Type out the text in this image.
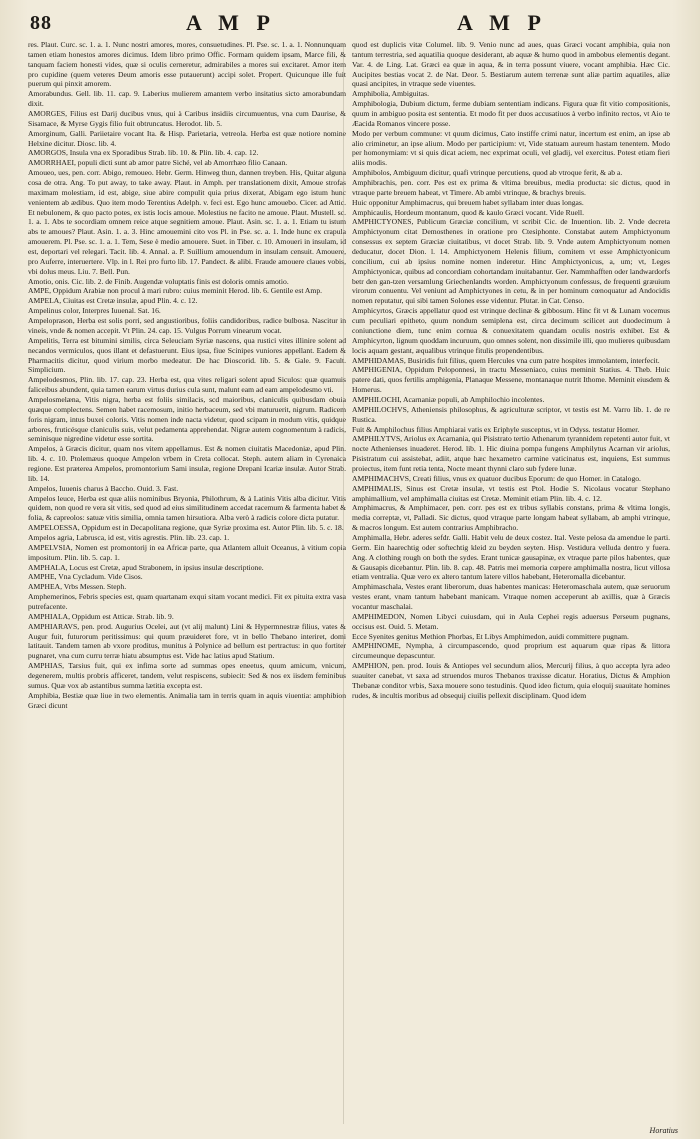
88	A M P	A M P

res. Plaut. Curc. sc. 1. a. 1. Nunc nostri amores, mores, consuetudines. Pl. Pse. sc. 1. a. 1. Nonnunquam tamen etiam honestos amores dicimus. Idem libro primo Offic. Formam quidem ipsam, Marce fili, & tanquam faciem honesti vides, quæ si oculis cerneretur, admirabiles a mores sui excitaret. Amor item pro cupidine (quem veteres Deum amoris esse putauerunt) accipi solet. Propert. Quicunque ille fuit puerum qui pinxit amorem.

Amorabundus. Gell. lib. 11. cap. 9. Laberius mulierem amantem verbo insitatius sicto amorabundam dixit.

AMORGES, Filius est Darij ducibus vnus, qui à Caribus insidiis circumuentus, vna cum Daurise, & Sisamace, & Myrse Gygis filio fuit obtruncatus. Herodot. lib. 5.

Amorginum, Galli. Pariietaire vocant Ita. & Hisp. Parietaria, vetreola. Herba est quæ notiore nomine Helxine dicitur. Diosc. lib. 4.

AMORGOS, Insula vna ex Sporadibus Strab. lib. 10. & Plin. lib. 4. cap. 12.

AMORRHAEI, populi dicti sunt ab amor patre Siché, vel ab Amorrhæo filio Canaan.

Amoueo, ues, pen. corr. Abigo, remoueo. Hebr. Germ. Hinweg thun, dannen treyben. His, Quitar alguna cosa de otra. Ang. To put away, to take away. Plaut. in Amph. per translationem dixit, Amoue strofas maximam molestiam, id est, abige, siue abire compulit quia prius dixerat, Abigam ego istum hunc venientem ab ædibus. Quo item modo Terentius Adelph. v. feci est. Ego hunc amouebo. Cicer. ad Attic. Et nebulonem, & quo pacto potes, ex istis locis amoue. Molestius ne facito ne amoue. Plaut. Mustell. sc. 1. a. 1. Abs te socordiam omnem reice atque segnitiem amoue. Plaut. Asin. sc. 1. a. 1. Etiam tu istum abs te amoues? Plaut. Asin. 1. a. 3. Hinc amouemini cito vos Pl. in Pse. sc. a. 1. Inde hunc ex crapula amouerem. Pl. Pse. sc. 1. a. 1. Tem, Sese è medio amouere. Suet. in Tiber. c. 10. Amoueri in insulam, id est, deportari vel relegari. Tacit. lib. 4. Annal. a. P. Suillium amouendum in insulam censuit. Amouere, pro Auferre, interuertere. Vlp. in l. Rei pro furto lib. 17. Pandect. & alibi. Fraude amouere claues vobis, vbi dolus meus. Liu. 7. Bell. Pun.

Amotio, onis. Cic. lib. 2. de Finib. Augendæ voluptatis finis est doloris omnis amotio.

AMPE, Oppidum Arabiæ non procul à mari rubro: cuius meminit Herod. lib. 6. Gentile est Amp.

AMPELA, Ciuitas est Cretæ insulæ, apud Plin. 4. c. 12.

Ampelinus color, Interpres Iuuenal. Sat. 16.

Ampeloprason, Herba est solis porri, sed angustioribus, foliis candidoribus, radice bulbosa. Nascitur in vineis, vnde & nomen accepit. Vt Plin. 24. cap. 15. Vulgus Porrum vinearum vocat.

Ampelitis, Terra est bitumini similis, circa Seleuciam Syriæ nascens, qua rustici vites illinire solent ad necandos vermiculos, quos illant et defastuerunt. Eius ipsa, fiue Scinipes vuniores appellant. Eadem & Pharmacitis dicitur, quod virium morbo medeatur. De hac Dioscorid. lib. 5. & Gale. 9. Facult. Simplicium.

Ampelodesmos, Plin. lib. 17. cap. 23. Herba est, qua vites religari solent apud Siculos: quæ quamuis faliceibus abundent, quia tamen earum virtus durius cula sunt, malunt eam ad eam ampelodesmo vti.

Ampelosmelæna, Vitis nigra, herba est foliis similacis, scd maioribus, claniculis quibusdam obuia quæque complectens. Semen habet racemosum, initio herbaceum, sed vbi maturuerit, nigrum. Radicem foris nigram, intus buxei coloris. Vitis nomen inde nacta videtur, quod scipam in modum vitis, quidque arbores, fruticésque claniculis suis, velut pedamenta apprehendat. Nigræ autem cognomentum à radicis, seminisque nigredine videtur esse sortita.

Ampelos, à Græcis dicitur, quam nos vitem appellamus. Est & nomen ciuitatis Macedoniæ, apud Plin. lib. 4. c. 10. Ptolemæus quoque Ampelon vrbem in Creta collocat. Steph. autem aliam in Cyrenaica regione. Est præterea Ampelos, promontorium Sami insulæ, regione Drepani Icariæ insulæ. Autor Strab. lib. 14.

Ampelos, Iuuenis charus à Baccho. Ouid. 3. Fast.

Ampelos leuce, Herba est quæ aliis nominibus Bryonia, Philothrum, & à Latinis Vitis alba dicitur. Vitis quidem, non quod re vera sit vitis, sed quod ad eius similitudinem accedat racemum & farmenta habet & folia, & capreolos: satuæ vitis similia, omnia tamen hirsutiora. Alba verò à radicis colore dicta putatur.

AMPELOESSA, Oppidum est in Decapolitana regione, quæ Syriæ proxima est. Autor Plin. lib. 5. c. 18.

Ampelos agria, Labrusca, id est, vitis agrestis. Plin. lib. 23. cap. 1.

AMPELVSIA, Nomen est promontorij in ea Africæ parte, qua Atlantem alluit Oceanus, à vitium copia impositum. Plin. lib. 5. cap. 1.

AMPHALA, Locus est Cretæ, apud Strabonem, in ipsius insulæ descriptione.

AMPHE, Vna Cycladum. Vide Cisos.

AMPHEA, Vrbs Messen. Steph.

Amphemerinos, Febris species est, quam quartanam exqui sitam vocant medici. Fit ex pituita extra vasa putrefacente.

AMPHIALA, Oppidum est Atticæ. Strab. lib. 9.

AMPHIARAVS, pen. prod. Augurius Ocelei, aut (vt alij malunt) Lini & Hypermnestræ filius, vates & Augur fuit, futurorum peritissimus: qui quum præuideret fore, vt in bello Thebano interiret, domi latitauit. Tandem tamen ab vxore proditus, munitus à Polynice ad bellum est pertractus: in quo fortiter pugnaret, vna cum curru terræ hiatu absumptus est. Vide hac latius apud Statium.

AMPHIAS, Tarsius fuit, qui ex infima sorte ad summas opes eneetus, quum amicum, vnicum, degenerem, multis probris afficeret, tandem, velut respiscens, subiecit: Sed & nos ex iisdem feminibus sumus. Quæ vox ab astantibus summa lætitia excepta est.

Amphibia, Bestiæ quæ liue in two elementis. Animalia tam in terris quam in aquis viuentia: amphibion Græci dicunt

quod est duplicis vitæ Columel. lib. 9. Venio nunc ad aues, quas Græci vocant amphibia, quia non tantum terrestria, sed aquatilia quoque desiderant, ab aquæ & humo quod in ambobus elementis degant. Var. 4. de Ling. Lat. Græci ea quæ in aqua, & in terra possunt viuere, vocant amphibia. Hæc Cic. Aucipites bestias vocat 2. de Nat. Deor. 5. Bestiarum autem terrenæ sunt aliæ partim aquatiles, aliæ quasi ancipites, in vtraque sede viuentes.

Amphibolia, Ambiguitas.

Amphibologia, Dubium dictum, ferme dubiam sententiam indicans. Figura quæ fit vitio compositionis, quum in ambiguo posita est sententia. Et modo fit per duos accusatiuos à verbo infinito rectos, vt Aio te Æacida Romanos vincere posse.

Modo per verbum commune: vt quum dicimus, Cato instiffe crimi natur, incertum est enim, an ipse ab alio criminetur, an ipse alium. Modo per participium: vt, Vide statuam aureum hastam tenentem. Modo per homonymiam: vt si quis dicat aciem, nec exprimat oculi, vel gladij, vel exercitus. Potest etiam fieri aliis modis.

Amphibolos, Ambiguum dicitur, quafi vtrinque percutiens, quod ab vtroque ferit, & ab a.

Amphibrachis, pen. corr. Pes est ex prima & vltima breuibus, media producta: sic dictus, quod in vtraque parte breuem habeat, vt Timere. Ab ambi vtrinque, & brachys breuis.

Huic opponitur Amphimacrus, qui breuem habet syllabam inter duas longas.

Amphicaulis, Hordeum montanum, quod & kaulo Græci vocant. Vide Ruell.

AMPHICTYONES, Publicum Græciæ concilium, vt scribit Cic. de Inuention. lib. 2. Vnde decreta Amphictyonum citat Demosthenes in oratione pro Ctesiphonte. Constabat autem Amphictyonum consessus ex septem Græciæ ciuitatibus, vt docet Strab. lib. 9. Vnde autem Amphictyonum nomen deducatur, docet Dion. l. 14. Amphictyonem Helenis filium, comitem vt esse Amphictyonicum concilium, cui ab ipsius nomine nomen inderetur. Hinc Amphictyonicus, a, um; vt, Leges Amphictyonicæ, quibus ad concordiam cohortandam inuitabantur. Ger. Nammhafften oder landwardorfs betr den gan-tzen versamlung Griechenlandts worden. Amphictyonum confessus, de frequenti græuium virorum conuentu. Vel veniunt ad Amphictyones in cetu, & in per hominum cœnoquatur ad Andocidis nomen reputatur, qui sibi tamen Solones esse videntur. Plutar. in Cat. Censo.

Amphicyrtos, Græcis appellatur quod est vtrinque declinæ & gibbosum. Hinc fit vt & Lunam vocemus cum peculiari epitheto, quum nondum semiplena est, circa decimum scilicet aut duodecimum à coniunctione diem, tunc enim cornua & conuexitatem quandam oculis nostris exhibet. Est & Amphicyrton, lignum quoddam incuruum, quo omnes solent, non dissimile illi, quo mulieres quibusdam locis aquam gestant, æqualibus vtrinque fitulis propendentibus.

AMPHIDAMAS, Busiridis fuit filius, quem Hercules vna cum patre hospites immolantem, interfecit.

AMPHIGENIA, Oppidum Peloponnesi, in tractu Messeniaco, cuius meminit Statius. 4. Theb. Huic patere dati, quos fertilis amphigenia, Planaque Messene, montanaque nutrit Ithome. Meminit eiusdem & Homerus.

AMPHILOCHI, Acarnaniæ populi, ab Amphilochio incolentes.

AMPHILOCHVS, Atheniensis philosophus, & agriculturæ scriptor, vt testis est M. Varro lib. 1. de re Rustica.

Fuit & Amphilochus filius Amphiarai vatis ex Eriphyle susceptus, vt in Odyss. testatur Homer.

AMPHILYTVS, Ariolus ex Acarnania, qui Pisistrato tertio Athenarum tyrannidem repetenti autor fuit, vt nocte Athenienses inuaderet. Herod. lib. 1. Hic diuina pompa fungens Amphilytus Acarnan vir ariolus, Pisistratum cui assistebat, adiit, atque hæc hexametro carmine vaticinatus est, inquiens, Est summus proiectus, item funt retia tenta, Nocte meant thynni claro sub fydere lunæ.

AMPHIMACHVS, Creati filius, vnus ex quatuor ducibus Eporum: de quo Homer. in Catalogo.

AMPHIMALIS, Sinus est Cretæ insulæ, vt testis est Ptol. Hodie S. Nicolaus vocatur Stephano amphimallium, vel amphimalla ciuitas est Cretæ. Meminit etiam Plin. lib. 4. c. 12.

Amphimacrus, & Amphimacer, pen. corr. pes est ex tribus syllabis constans, prima & vltima longis, media correptæ, vt, Palladi. Sic dictus, quod vtraque parte longam habeat syllabam, ab amphi vtrinque, & macros longum. Est autem contrarius Amphibracho.

Amphimalla, Hebr. aderes sefdr. Galli. Habit velu de deux costez. Ital. Veste pelosa da amendue le parti. Germ. Ein haarechtig oder softechtig kleid zu beyden seyten. Hisp. Vestidura velluda dentro y fuera. Ang. A clothing rough on both the sydes. Erant tunicæ gausapinæ, ex vtraque parte pilos habentes, quæ & Gausapis dicebantur. Plin. lib. 8. cap. 48. Patris mei memoria cœpere amphimalla nostra, licut villosa etiam ventralia. Quæ vero ex altero tantum latere villos habebant, Heteromalla dicebantur.

Amphimaschala, Vestes erant liberorum, duas habentes manicas: Heteromaschala autem, quæ seruorum vestes erant, vnam tantum habebant manicam. Vtraque nomen acceperunt ab axillis, quæ à Græcis vocantur maschalai.

AMPHIMEDON, Nomen Libyci cuiusdam, qui in Aula Cephei regis aduersus Perseum pugnans, occisus est. Ouid. 5. Metam.

Ecce Syenites genitus Methion Phorbas, Et Libys Amphimedon, auidi committere pugnam.

AMPHINOME, Nympha, à circumpascendo, quod proprium est aquarum quæ ripas & littora circumeunque depascuntur.

AMPHION, pen. prod. Iouis & Antiopes vel secundum alios, Mercurij filius, à quo accepta lyra adeo suauiter canebat, vt saxa ad struendos muros Thebanos traxisse dicatur. Horatius, Dictus & Amphion Thebanæ conditor vrbis, Saxa mouere sono testudinis. Quod ideo fictum, quia eloquij suauitate homines rudes, & incultis moribus ad obsequij ciuilis pellexit disciplinam. Quod idem

Horatius
